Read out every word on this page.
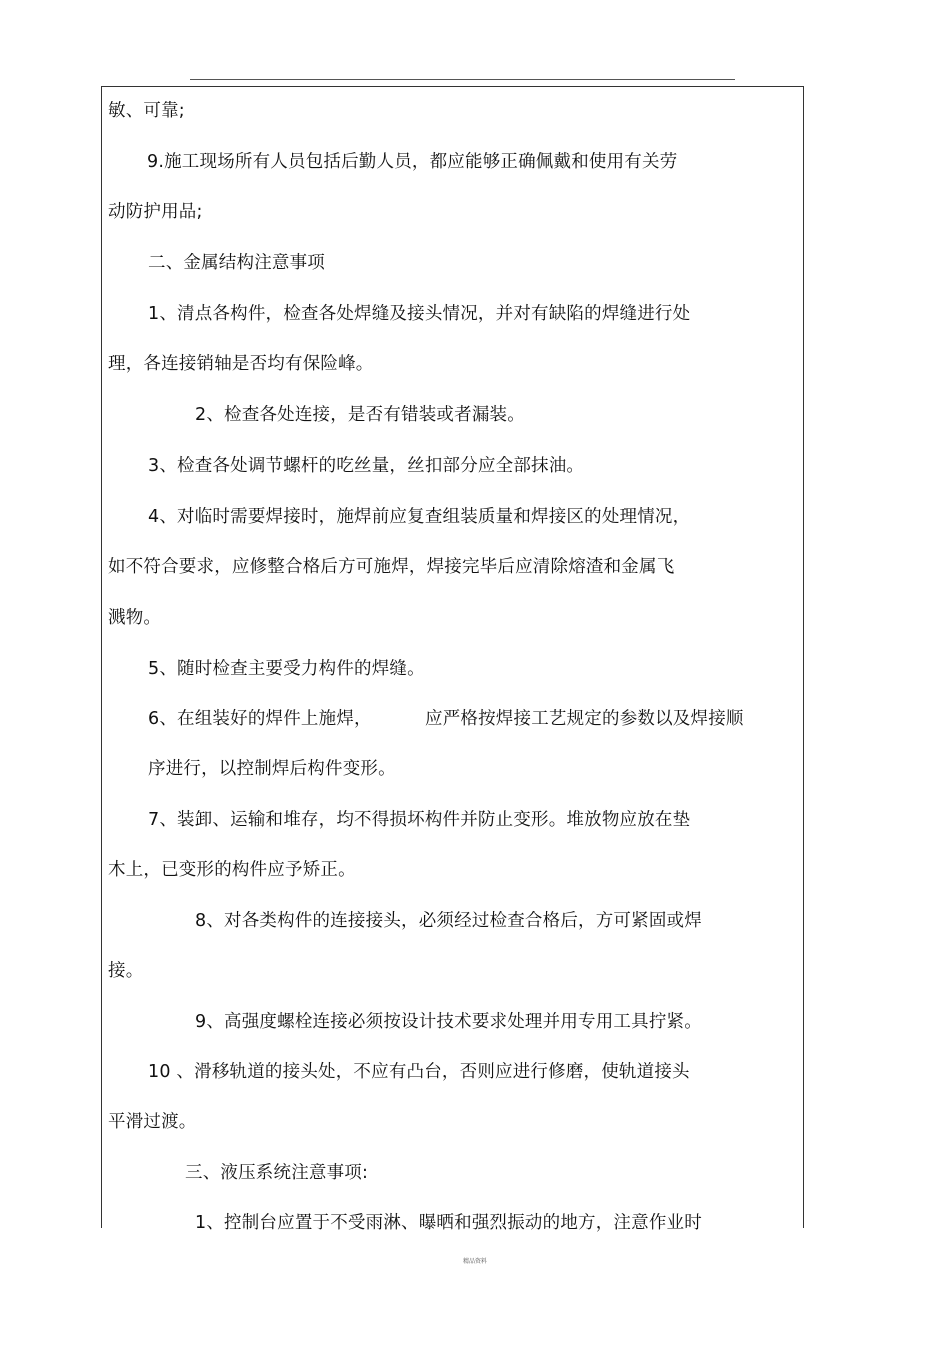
敏、可靠;
9.施工现场所有人员包括后勤人员，都应能够正确佩戴和使用有关劳
动防护用品;
二、金属结构注意事项
1、清点各构件，检查各处焊缝及接头情况，并对有缺陷的焊缝进行处
理，各连接销轴是否均有保险峰。
2、检查各处连接，是否有错装或者漏装。
3、检查各处调节螺杆的吃丝量，丝扣部分应全部抹油。
4、对临时需要焊接时，施焊前应复查组装质量和焊接区的处理情况，
如不符合要求，应修整合格后方可施焊，焊接完毕后应清除熔渣和金属飞
溅物。
5、随时检查主要受力构件的焊缝。
6、在组装好的焊件上施焊，	应严格按焊接工艺规定的参数以及焊接顺
序进行，以控制焊后构件变形。
7、装卸、运输和堆存，均不得损坏构件并防止变形。堆放物应放在垫
木上，已变形的构件应予矫正。
8、对各类构件的连接接头，必须经过检查合格后，方可紧固或焊
接。
9、高强度螺栓连接必须按设计技术要求处理并用专用工具拧紧。
10 、滑移轨道的接头处，不应有凸台，否则应进行修磨，使轨道接头
平滑过渡。
三、液压系统注意事项:
1、控制台应置于不受雨淋、曝晒和强烈振动的地方，注意作业时
精品资料
